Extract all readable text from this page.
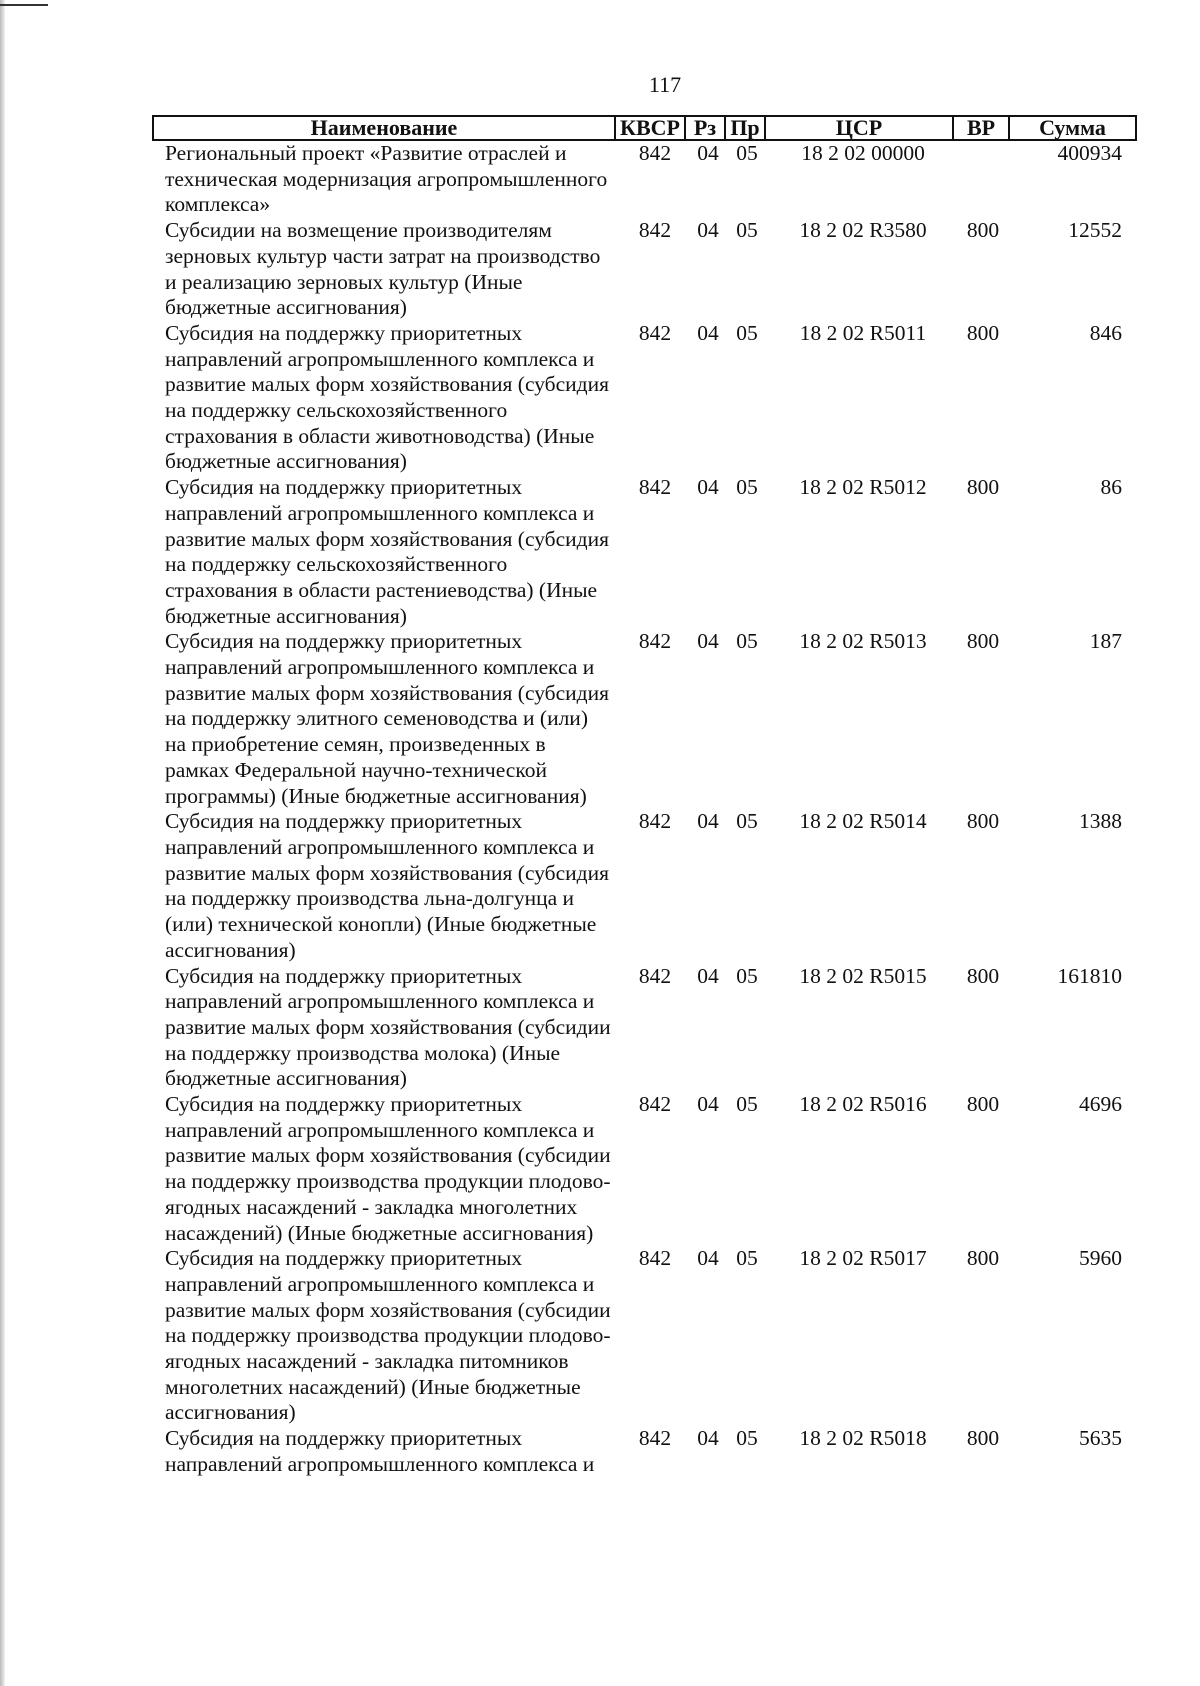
117
Наименование	КВСР	Рз	Пр	ЦСР	ВР	Сумма
Региональный проект «Развитие отраслей и техническая модернизация агропромышленного комплекса»	842	04	05	18 2 02 00000		400934
Субсидии на возмещение производителям зерновых культур части затрат на производство и реализацию зерновых культур (Иные бюджетные ассигнования)	842	04	05	18 2 02 R3580	800	12552
Субсидия на поддержку приоритетных направлений агропромышленного комплекса и развитие малых форм хозяйствования (субсидия на поддержку сельскохозяйственного страхования в области животноводства) (Иные бюджетные ассигнования)	842	04	05	18 2 02 R5011	800	846
Субсидия на поддержку приоритетных направлений агропромышленного комплекса и развитие малых форм хозяйствования (субсидия на поддержку сельскохозяйственного страхования в области растениеводства) (Иные бюджетные ассигнования)	842	04	05	18 2 02 R5012	800	86
Субсидия на поддержку приоритетных направлений агропромышленного комплекса и развитие малых форм хозяйствования (субсидия на поддержку элитного семеноводства и (или) на приобретение семян, произведенных в рамках Федеральной научно-технической программы) (Иные бюджетные ассигнования)	842	04	05	18 2 02 R5013	800	187
Субсидия на поддержку приоритетных направлений агропромышленного комплекса и развитие малых форм хозяйствования (субсидия на поддержку производства льна-долгунца и (или) технической конопли) (Иные бюджетные ассигнования)	842	04	05	18 2 02 R5014	800	1388
Субсидия на поддержку приоритетных направлений агропромышленного комплекса и развитие малых форм хозяйствования (субсидии на поддержку производства молока) (Иные бюджетные ассигнования)	842	04	05	18 2 02 R5015	800	161810
Субсидия на поддержку приоритетных направлений агропромышленного комплекса и развитие малых форм хозяйствования (субсидии на поддержку производства продукции плодово-ягодных насаждений - закладка многолетних насаждений) (Иные бюджетные ассигнования)	842	04	05	18 2 02 R5016	800	4696
Субсидия на поддержку приоритетных направлений агропромышленного комплекса и развитие малых форм хозяйствования (субсидии на поддержку производства продукции плодово-ягодных насаждений - закладка питомников многолетних насаждений) (Иные бюджетные ассигнования)	842	04	05	18 2 02 R5017	800	5960
Субсидия на поддержку приоритетных направлений агропромышленного комплекса и	842	04	05	18 2 02 R5018	800	5635
